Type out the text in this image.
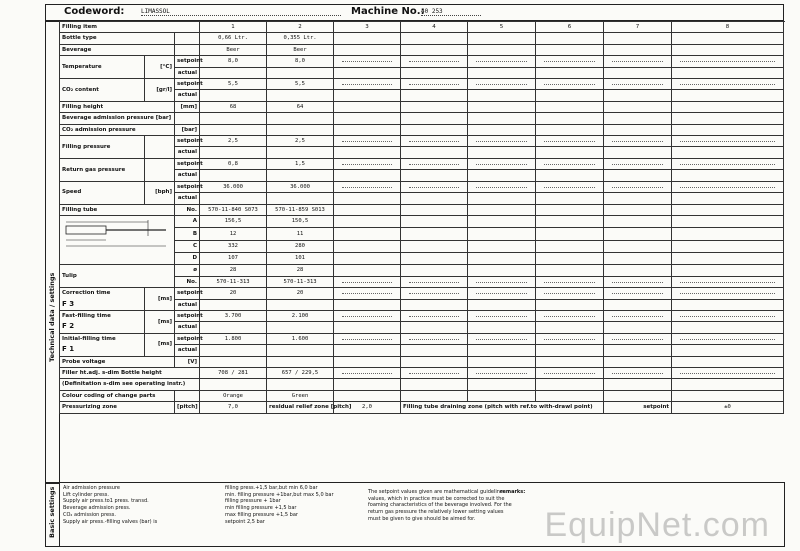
Codeword:	LIMASSOL	Machine No.:
40 253
Technical data / settings
Basic settings
Filling item			1	2	3	4	5	6	7	8	
Bottle type			0,66 Ltr.	0,355 Ltr.							
Beverage			Beer	Beer							
Temperature	[°C]	setpoint	8,0	8,0							
		actual									
CO₂ content	[gr/l]	setpoint	5,5	5,5							
		actual									
Filling height		[mm]	68	64							
Beverage admission pressure [bar]											
CO₂ admission pressure		[bar]									
Filling pressure		setpoint	2,5	2,5							
		actual									
Return gas pressure		setpoint	0,8	1,5							
		actual									
Speed	[bph]	setpoint	36.000	36.000							
		actual									
Filling tube		No.	570-11-840 S073	570-11-859 S013							
	A	156,5	150,5							
		B	12	11							
		C	332	280							
		D	107	101							
Tulip		ø	28	28							
		No.	570-11-313	570-11-313							
Correction time
F 3	[ms]	setpoint	20	20							
		actual									
Fast-filling time
F 2	[ms]	setpoint	3.700	2.100							
		actual									
Initial-filling time
F 1	[ms]	setpoint	1.800	1.600							
		actual									
Probe voltage		[V]									
Filler ht.adj. s-dim Bottle height			708 / 281	657 / 229,5							
(Definitation s-dim see operating instr.)											
Colour coding of change parts			Orange	Green							
Pressurizing zone		[pitch]	7,0	residual relief zone [pitch]	2,0	Filling tube draining zone (pitch with ref.to with-drawl point)			setpoint	±0	
Air admission pressure
Lift cylinder press.
Supply air press.to1 press. transd.
Beverage admission press.
CO₂ admission press.
Supply air press.-filling valves (bar) is
filling press.+1,5 bar,but min 6,0 bar
min. filling pressure +1bar,but max 5,0 bar
filling pressure + 1bar
min filling pressure +1,5 bar
max filling pressure +1,5 bar
setpoint 2,5 bar
The setpoint values given are mathematical guideline values, which in practice must be corrected to suit the foaming characteristics of the beverage involved. For the return gas pressure the relatively lower setting values must be given to give should be aimed for.
remarks:
EquipNet.com
